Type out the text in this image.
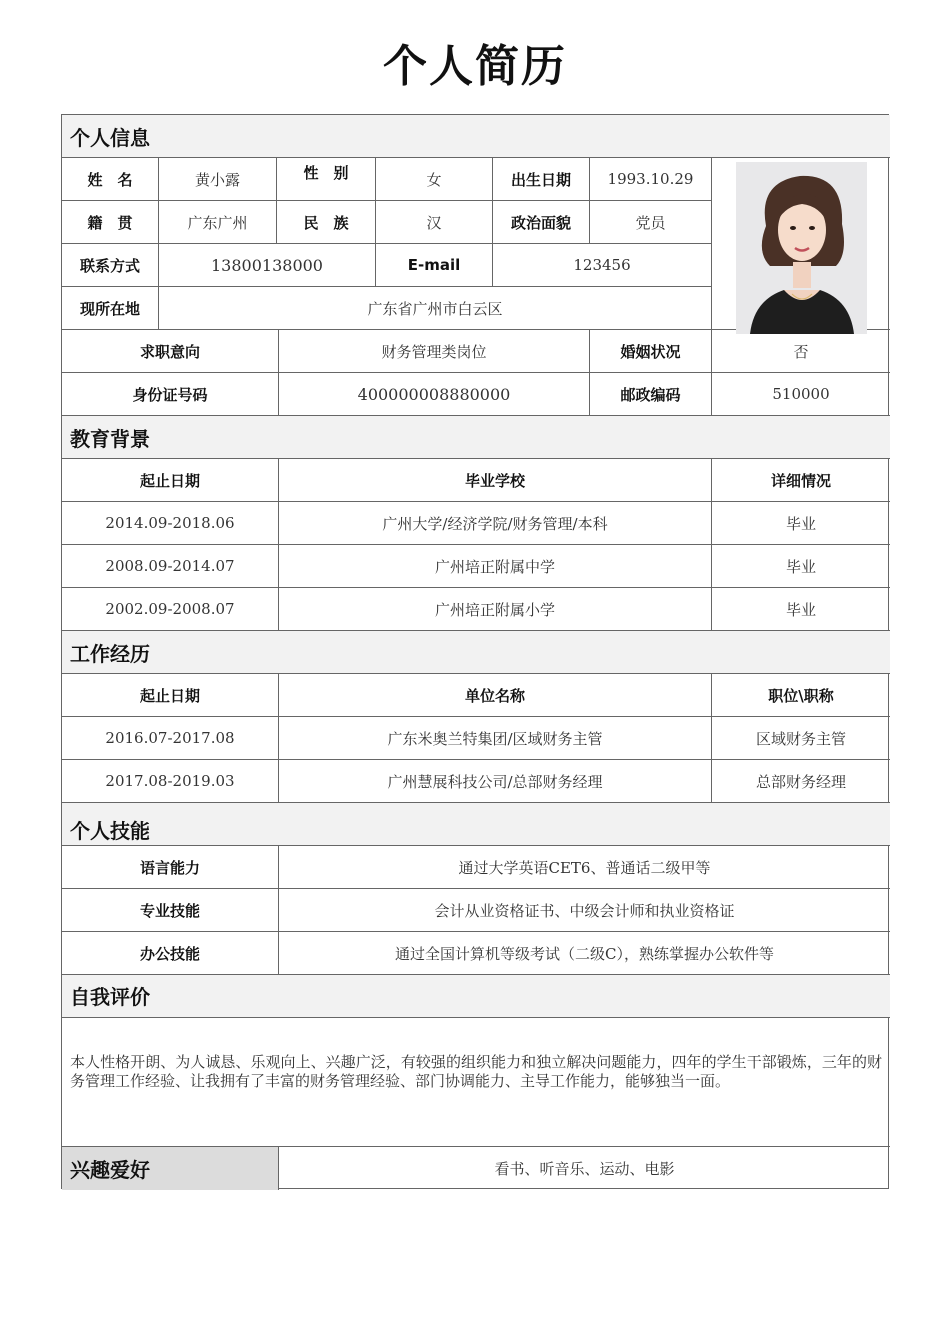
个人简历
个人信息
姓　名	黄小露	性　别	女	出生日期	1993.10.29
籍　贯	广东广州	民　族	汉	政治面貌	党员
联系方式	13800138000	E-mail	123456
现所在地	广东省广州市白云区
求职意向	财务管理类岗位	婚姻状况	否
身份证号码	400000008880000	邮政编码	510000
教育背景
起止日期	毕业学校	详细情况
2014.09-2018.06	广州大学/经济学院/财务管理/本科	毕业
2008.09-2014.07	广州培正附属中学	毕业
2002.09-2008.07	广州培正附属小学	毕业
工作经历
起止日期	单位名称	职位\职称
2016.07-2017.08	广东米奥兰特集团/区域财务主管	区域财务主管
2017.08-2019.03	广州慧展科技公司/总部财务经理	总部财务经理
个人技能
语言能力	通过大学英语CET6、普通话二级甲等
专业技能	会计从业资格证书、中级会计师和执业资格证
办公技能	通过全国计算机等级考试（二级C），熟练掌握办公软件等
自我评价
本人性格开朗、为人诚恳、乐观向上、兴趣广泛，有较强的组织能力和独立解决问题能力，四年的学生干部锻炼，三年的财务管理工作经验、让我拥有了丰富的财务管理经验、部门协调能力、主导工作能力，能够独当一面。
兴趣爱好	看书、听音乐、运动、电影
